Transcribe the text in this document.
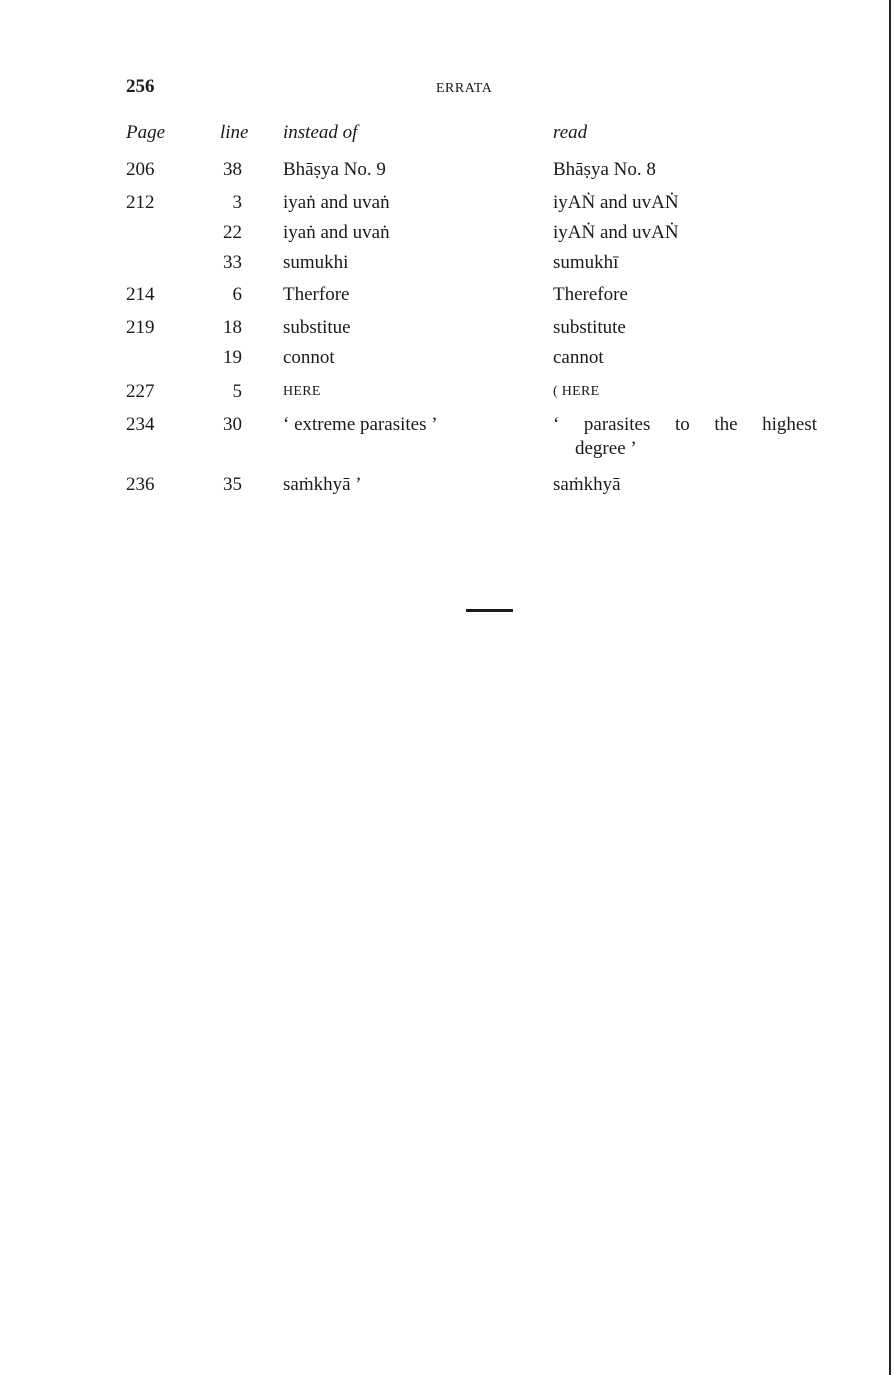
256	ERRATA
Page	line instead of	read
206	38 Bhāṣya No. 9	Bhāṣya No. 8
212	3 iyaṅ and uvaṅ	iyAṄ and uvAṄ
22 iyaṅ and uvaṅ	iyAṄ and uvAṄ
33 sumukhi	sumukhī
214	6 Therfore	Therefore
219	18 substitue	substitute
19 connot	cannot
227	5	HERE	( HERE
234	30 ‘ extreme parasites ’	‘ parasites to the highest
degree ’
236	35 saṁkhyā ’	saṁkhyā
